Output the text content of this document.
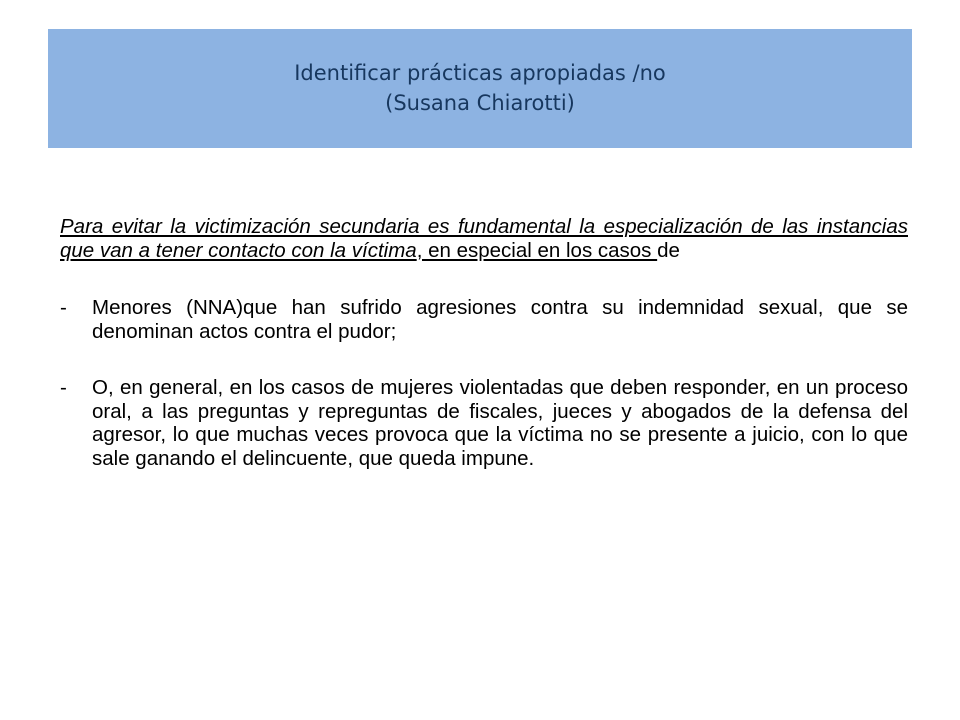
Identificar prácticas apropiadas /no
(Susana Chiarotti)

Para evitar la victimización secundaria es fundamental la especialización de las instancias que van a tener contacto con la víctima, en especial en los casos de

-	Menores (NNA)que han sufrido agresiones contra su indemnidad sexual, que se denominan actos contra el pudor;
-	O, en general, en los casos de mujeres violentadas que deben responder, en un proceso oral, a las preguntas y repreguntas de fiscales, jueces y abogados de la defensa del agresor, lo que muchas veces provoca que la víctima no se presente a juicio, con lo que sale ganando el delincuente, que queda impune.
